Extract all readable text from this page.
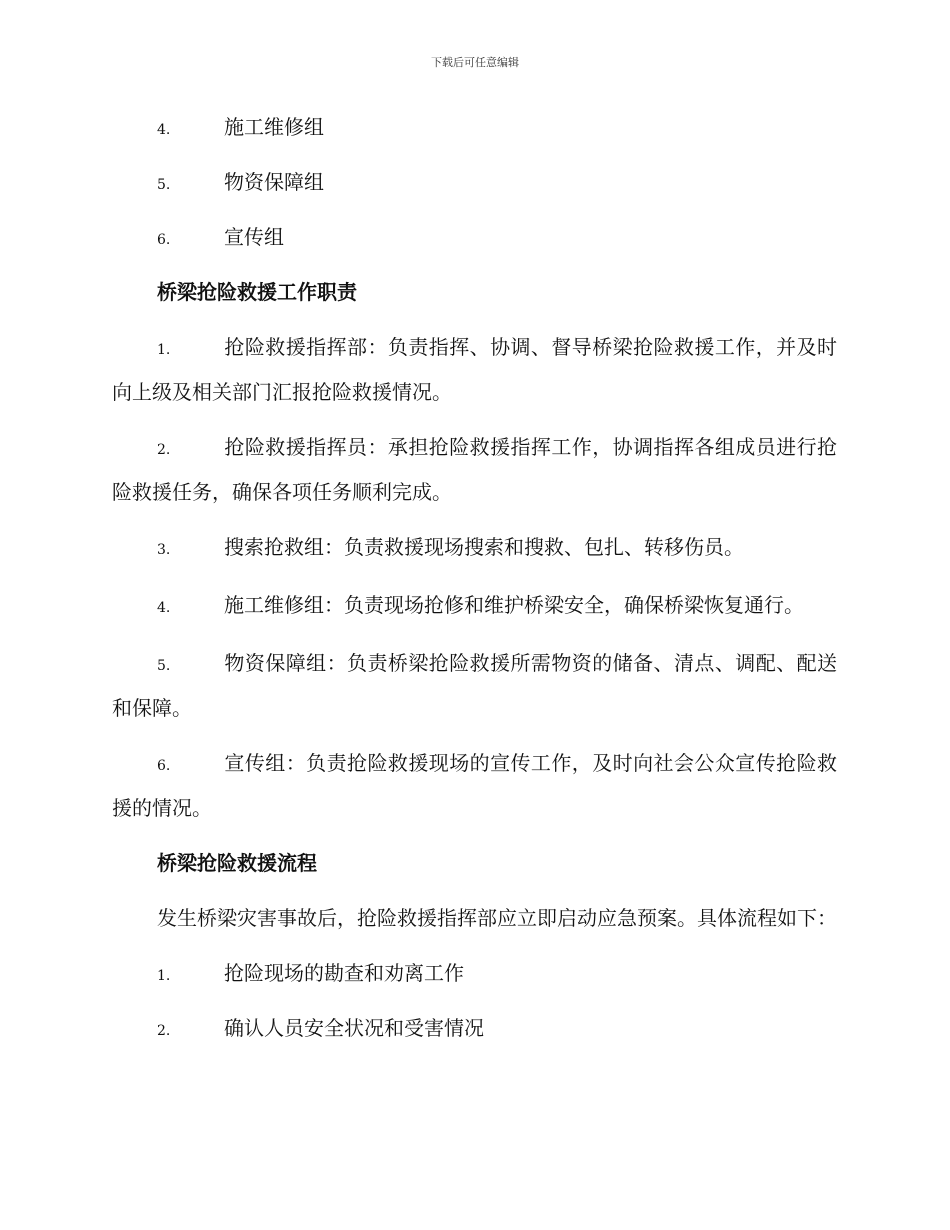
下载后可任意编辑
4.	施工维修组
5.	物资保障组
6.	宣传组
桥梁抢险救援工作职责
1.	抢险救援指挥部：负责指挥、协调、督导桥梁抢险救援工作，并及时向上级及相关部门汇报抢险救援情况。
2.	抢险救援指挥员：承担抢险救援指挥工作，协调指挥各组成员进行抢险救援任务，确保各项任务顺利完成。
3.	搜索抢救组：负责救援现场搜索和搜救、包扎、转移伤员。
4.	施工维修组：负责现场抢修和维护桥梁安全，确保桥梁恢复通行。
5.	物资保障组：负责桥梁抢险救援所需物资的储备、清点、调配、配送和保障。
6.	宣传组：负责抢险救援现场的宣传工作，及时向社会公众宣传抢险救援的情况。
桥梁抢险救援流程
发生桥梁灾害事故后，抢险救援指挥部应立即启动应急预案。具体流程如下：
1.	抢险现场的勘查和劝离工作
2.	确认人员安全状况和受害情况
